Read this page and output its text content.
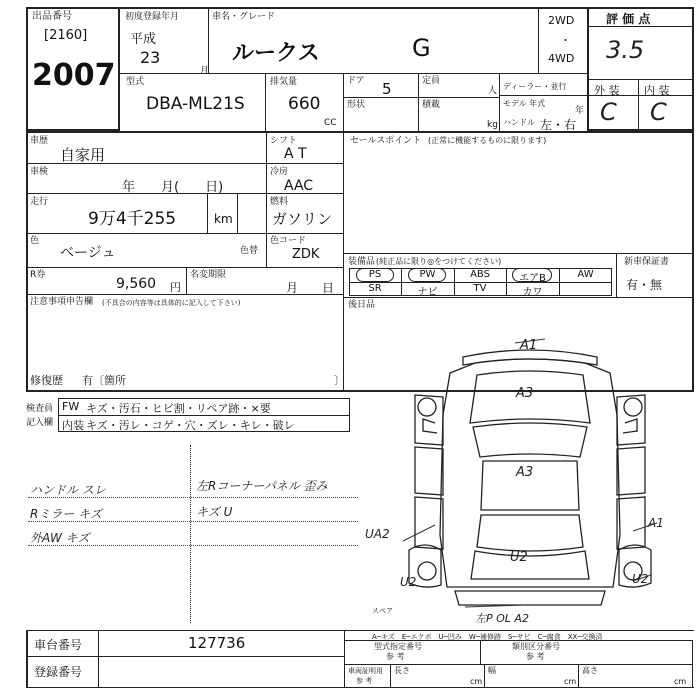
出品番号
[2160]
2007
初度登録年月
平成
23
月
車名・グレード
ルークス	G
2WD
・
4WD
評 価 点
3.5
外 装 内 装
C C
型式
DBA-ML21S
排気量
660
CC
ドア 5	定員
人
形状	積載
kg
ディーラー・並行
モデル 年式
年
ハンドル 左・右
車歴
自家用
シフト
A T
車検
年　　月(　　日)
冷房
AAC
走行
9万4千255	km
燃料
ガソリン
色
ベージュ	色替
色コード
ZDK
R券
9,560 円
名変期限
月　　日
注意事項申告欄 (不具合の内容等は具体的に記入して下さい)
修復歴 有〔箇所	〕
セールスポイント (正常に機能するものに限ります)
装備品 (純正品に限り◎をつけてください)	新車保証書
有・無
PS	PW	ABS	エアB	AW
SR	ナビ	TV	カワ
後日品
検査員
記入欄
FW キズ・汚石・ヒビ割・リペア跡・×要
内装 キズ・汚レ・コゲ・穴・ズレ・キレ・破レ
ハンドル スレ
Rミラー キズ
外AW キズ
左Rコーナーパネル 歪み
キズ U
A1
A3
A3
U2
UA2
U2
A1
U2
左P OL A2
スペア
A─キズ　E─エクボ　U─凹み　W─補修跡　S─サビ　C─腐食　XX─交換済
車台番号	127736
登録番号
型式指定番号
参 考
類別区分番号
参 考
車両証明用
参 考
長さ
cm
幅
cm
高さ
cm
